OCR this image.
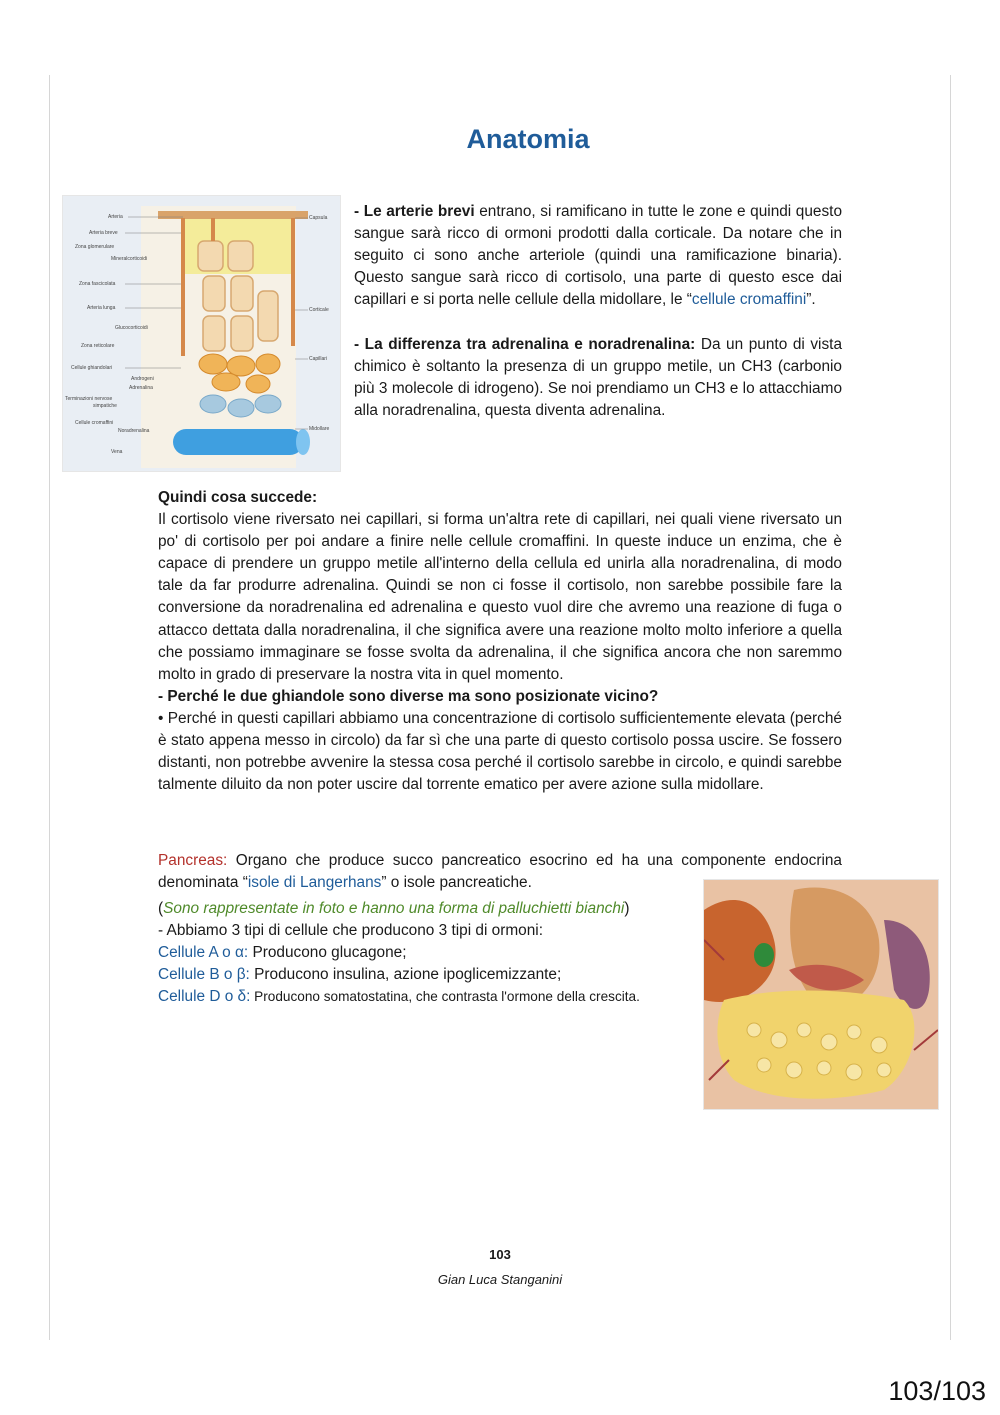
Anatomia
Arteria
Arteria breve
Zona glomerulare
Mineralcorticoidi
Zona fascicolata
Arteria lunga
Glucocorticoidi
Zona reticolare
Cellule ghiandolari
Androgeni
Adrenalina
Terminazioni nervose
simpatiche
Cellule cromaffini
Noradrenalina
Vena
Capsula
Corticale
Capillari
Midollare

- Le arterie brevi entrano, si ramificano in tutte le zone e quindi questo sangue sarà ricco di ormoni prodotti dalla corticale. Da notare che in seguito ci sono anche arteriole (quindi una ramificazione binaria). Questo sangue sarà ricco di cortisolo, una parte di questo esce dai capillari e si porta nelle cellule della midollare, le “cellule cromaffini”.

- La differenza tra adrenalina e noradrenalina: Da un punto di vista chimico è soltanto la presenza di un gruppo metile, un CH3 (carbonio più 3 molecole di idrogeno). Se noi prendiamo un CH3 e lo attacchiamo alla noradrenalina, questa diventa adrenalina.

Quindi cosa succede:
Il cortisolo viene riversato nei capillari, si forma un'altra rete di capillari, nei quali viene riversato un po' di cortisolo per poi andare a finire nelle cellule cromaffini. In queste induce un enzima, che è capace di prendere un gruppo metile all'interno della cellula ed unirla alla noradrenalina, di modo tale da far produrre adrenalina. Quindi se non ci fosse il cortisolo, non sarebbe possibile fare la conversione da noradrenalina ed adrenalina e questo vuol dire che avremo una reazione di fuga o attacco dettata dalla noradrenalina, il che significa avere una reazione molto molto inferiore a quella che possiamo immaginare se fosse svolta da adrenalina, il che significa ancora che non saremmo molto in grado di preservare la nostra vita in quel momento.
- Perché le due ghiandole sono diverse ma sono posizionate vicino?
• Perché in questi capillari abbiamo una concentrazione di cortisolo sufficientemente elevata (perché è stato appena messo in circolo) da far sì che una parte di questo cortisolo possa uscire. Se fossero distanti, non potrebbe avvenire la stessa cosa perché il cortisolo sarebbe in circolo, e quindi sarebbe talmente diluito da non poter uscire dal torrente ematico per avere azione sulla midollare.

Pancreas: Organo che produce succo pancreatico esocrino ed ha una componente endocrina denominata “isole di Langerhans” o isole pancreatiche.

(Sono rappresentate in foto e hanno una forma di palluchietti bianchi)
- Abbiamo 3 tipi di cellule che producono 3 tipi di ormoni:
Cellule A o α: Producono glucagone;
Cellule B o β: Producono insulina, azione ipoglicemizzante;
Cellule D o δ: Producono somatostatina, che contrasta l'ormone della crescita.
103
Gian Luca Stanganini
103/103
